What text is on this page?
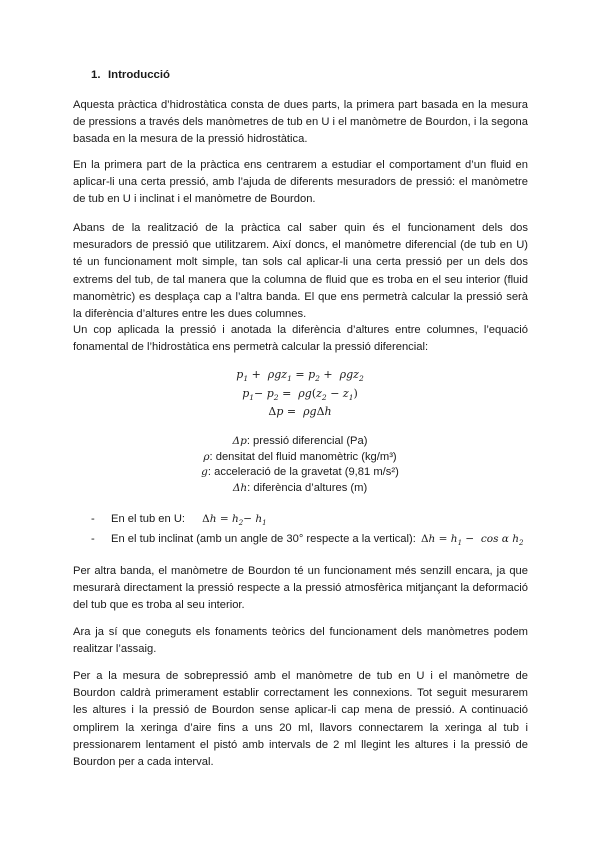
1. Introducció

Aquesta pràctica d’hidrostàtica consta de dues parts, la primera part basada en la mesura de pressions a través dels manòmetres de tub en U i el manòmetre de Bourdon, i la segona basada en la mesura de la pressió hidrostàtica.

En la primera part de la pràctica ens centrarem a estudiar el comportament d’un fluid en aplicar-li una certa pressió, amb l’ajuda de diferents mesuradors de pressió: el manòmetre de tub en U i inclinat i el manòmetre de Bourdon.

Abans de la realització de la pràctica cal saber quin és el funcionament dels dos mesuradors de pressió que utilitzarem. Així doncs, el manòmetre diferencial (de tub en U) té un funcionament molt simple, tan sols cal aplicar-li una certa pressió per un dels dos extrems del tub, de tal manera que la columna de fluid que es troba en el seu interior (fluid manomètric) es desplaça cap a l’altra banda. El que ens permetrà calcular la pressió serà la diferència d’altures entre les dues columnes.

Un cop aplicada la pressió i anotada la diferència d’altures entre columnes, l’equació fonamental de l’hidrostàtica ens permetrà calcular la pressió diferencial:

$p_1 + \rho gz_1 = p_2 + \rho gz_2$
$p_1- p_2 = \rho g(z_2 - z_1)$
Δp =  ρgΔh
Δp: pressió diferencial (Pa)
ρ: densitat del fluid manomètric (kg/m³)
g: acceleració de la gravetat (9,81 m/s²)
Δh: diferència d’altures (m)
- En el tub en U: $\Delta h = h_2- h_1$
- En el tub inclinat (amb un angle de 30° respecte a la vertical): $\Delta h = h_1 - \cos \alpha$ $h_2$

Per altra banda, el manòmetre de Bourdon té un funcionament més senzill encara, ja que mesurarà directament la pressió respecte a la pressió atmosfèrica mitjançant la deformació del tub que es troba al seu interior.

Ara ja sí que coneguts els fonaments teòrics del funcionament dels manòmetres podem realitzar l’assaig.

Per a la mesura de sobrepressió amb el manòmetre de tub en U i el manòmetre de Bourdon caldrà primerament establir correctament les connexions. Tot seguit mesurarem les altures i la pressió de Bourdon sense aplicar-li cap mena de pressió. A continuació omplirem la xeringa d’aire fins a uns 20 ml, llavors connectarem la xeringa al tub i pressionarem lentament el pistó amb intervals de 2 ml llegint les altures i la pressió de Bourdon per a cada interval.
